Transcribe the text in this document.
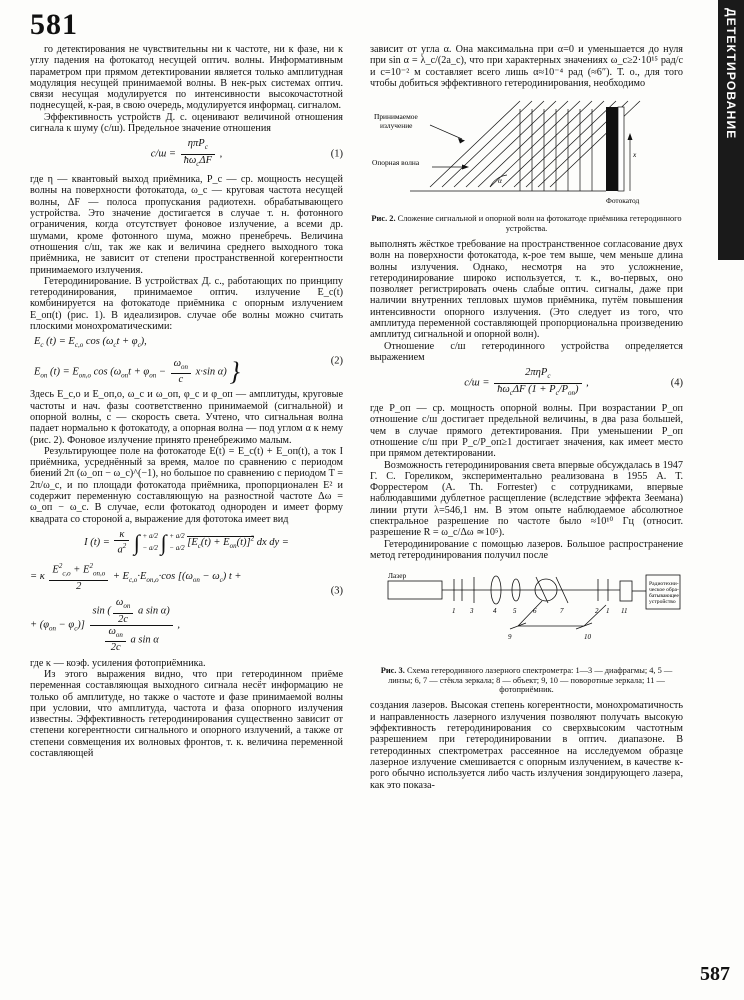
581
587
ДЕТЕКТИРОВАНИЕ

го детектирования не чувствительны ни к частоте, ни к фазе, ни к углу падения на фотокатод несущей оптич. волны. Информативным параметром при прямом детектировании является только амплитудная модуляция несущей принимаемой волны. В нек-рых системах оптич. связи несущая модулируется по интенсивности высокочастотной поднесущей, к-рая, в свою очередь, модулируется информац. сигналом.

Эффективность устройств Д. с. оценивают величиной отношения сигнала к шуму (с/ш). Предельное значение отношения

$с/ш = \frac{\eta\pi P_с}{ħ\omega_с\Delta F}$ ,	(1)

где η — квантовый выход приёмника, P_c — ср. мощность несущей волны на поверхности фотокатода, ω_c — круговая частота несущей волны, ΔF — полоса пропускания радиотехн. обрабатывающего устройства. Это значение достигается в случае т. н. фотонного ограничения, когда отсутствует фоновое излучение, а всеми др. шумами, кроме фотонного шума, можно пренебречь. Величина отношения с/ш, так же как и величина среднего выходного тока приёмника, не зависит от степени пространственной когерентности принимаемого излучения.

Гетеродинирование. В устройствах Д. с., работающих по принципу гетеродинирования, принимаемое оптич. излучение E_c(t) комбинируется на фотокатоде приёмника с опорным излучением E_оп(t) (рис. 1). В идеализиров. случае обе волны можно считать плоскими монохроматическими:

$E_с$ $(t) = E_{с,о}$ $\cos (\omega_сt + \varphi_с)$,
$E_{оп}$ $(t) = E_{оп,о}$ $\cos (\omega_{оп}t + \varphi_{оп} - \frac{\omega_{оп}}{c} x\cdot\sin$ α) }	(2)

Здесь E_c,о и E_оп,о, ω_c и ω_оп, φ_c и φ_оп — амплитуды, круговые частоты и нач. фазы соответственно принимаемой (сигнальной) и опорной волны, c — скорость света. Учтено, что сигнальная волна падает нормально к фотокатоду, а опорная волна — под углом α к нему (рис. 2). Фоновое излучение принято пренебрежимо малым.

Результирующее поле на фотокатоде E(t) = E_c(t) + E_оп(t), а ток I приёмника, усреднённый за время, малое по сравнению с периодом биений 2π (ω_оп − ω_c)^(−1), но большое по сравнению с периодом T = 2π/ω_c, и по площади фотокатода приёмника, пропорционален E² и содержит переменную составляющую на разностной частоте Δω = ω_оп − ω_c. В случае, если фотокатод однороден и имеет форму квадрата со стороной a, выражение для фототока имеет вид

I $(t) = \frac{\kappa}{a^2}$ ∫ + a/2
− a/2 ∫ + a/2
− a/2 $[E_с(t) + E_{оп}(t)]^2$ dx dy =
= κ $\frac{E^2_{с,о} + E^2_{оп,о}}{2} + E_{с,о}\cdot E_{оп,о}\cdot\cos$ [$(\omega_{оп} - \omega_с) t$ +
+ $(\varphi_{оп} - \varphi_с)] \frac{\sin ( \frac{\omega_{оп}}{2c} a \sin \alpha)}{\frac{\omega_{оп}}{2c} a \sin \alpha}$ ,
(3)

где κ — коэф. усиления фотоприёмника.

Из этого выражения видно, что при гетеродинном приёме переменная составляющая выходного сигнала несёт информацию не только об амплитуде, но также о частоте и фазе принимаемой волны при условии, что амплитуда, частота и фаза опорного излучения известны. Эффективность гетеродинирования существенно зависит от степени когерентности сигнального и опорного излучений, а также от степени совмещения их волновых фронтов, т. к. величина переменной составляющей

зависит от угла α. Она максимальна при α=0 и уменьшается до нуля при sin α = λ_c/(2a_c), что при характерных значениях ω_c≥2·10¹⁵ рад/с и c=10⁻² м составляет всего лишь α≈10⁻⁴ рад (≈6″). Т. о., для того чтобы добиться эффективного гетеродинирования, необходимо

Принимаемое
излучение
Опорная волна
Фотокатод
α
x
Рис. 2. Сложение сигнальной и опорной волн на фотокатоде приёмника гетеродинного устройства.

выполнять жёсткое требование на пространственное согласование двух волн на поверхности фотокатода, к-рое тем выше, чем меньше длина волны излучения. Однако, несмотря на это усложнение, гетеродинирование широко используется, т. к., во-первых, оно позволяет регистрировать очень слабые оптич. сигналы, даже при наличии внутренних тепловых шумов приёмника, путём повышения интенсивности опорного излучения. (Это следует из того, что амплитуда переменной составляющей пропорциональна произведению амплитуд сигнальной и опорной волн).

Отношение с/ш гетеродинного устройства определяется выражением

$с/ш = \frac{2\pi\eta P_с}{ħ\omega_с\Delta F (1 + P_с/P_{оп})}$ ,	(4)

где P_оп — ср. мощность опорной волны. При возрастании P_оп отношение с/ш достигает предельной величины, в два раза большей, чем в случае прямого детектирования. При уменьшении P_оп отношение с/ш при P_c/P_оп≥1 достигает значения, как имеет место при прямом детектировании.

Возможность гетеродинирования света впервые обсуждалась в 1947 Г. С. Гореликом, экспериментально реализована в 1955 А. Т. Форрестером (A. Th. Forrester) с сотрудниками, впервые наблюдавшими дублетное расщепление (вследствие эффекта Зеемана) линии ртути λ=546,1 нм. В этом опыте наблюдаемое абсолютное спектральное разрешение по частоте было ≈10¹⁰ Гц (относит. разрешение R = ω_c/Δω ≃10⁵).

Гетеродинирование с помощью лазеров. Большое распространение метод гетеродинирования получил после

Лазер
Радиотехни-
ческое обра-
батывающее
устройство
1 3	4 5 6	7	2 1
9	10
11
Рис. 3. Схема гетеродинного лазерного спектрометра: 1—3 — диафрагмы; 4, 5 — линзы; 6, 7 — стёкла зеркала; 8 — объект; 9, 10 — поворотные зеркала; 11 — фотоприёмник.

создания лазеров. Высокая степень когерентности, монохроматичность и направленность лазерного излучения позволяют получать высокую эффективность гетеродинирования со сверхвысоким частотным разрешением при гетеродинировании в оптич. диапазоне. В гетеродинных спектрометрах рассеянное на исследуемом образце лазерное излучение смешивается с опорным излучением, в качестве к-рого обычно используется либо часть излучения зондирующего лазера, как это показа-
